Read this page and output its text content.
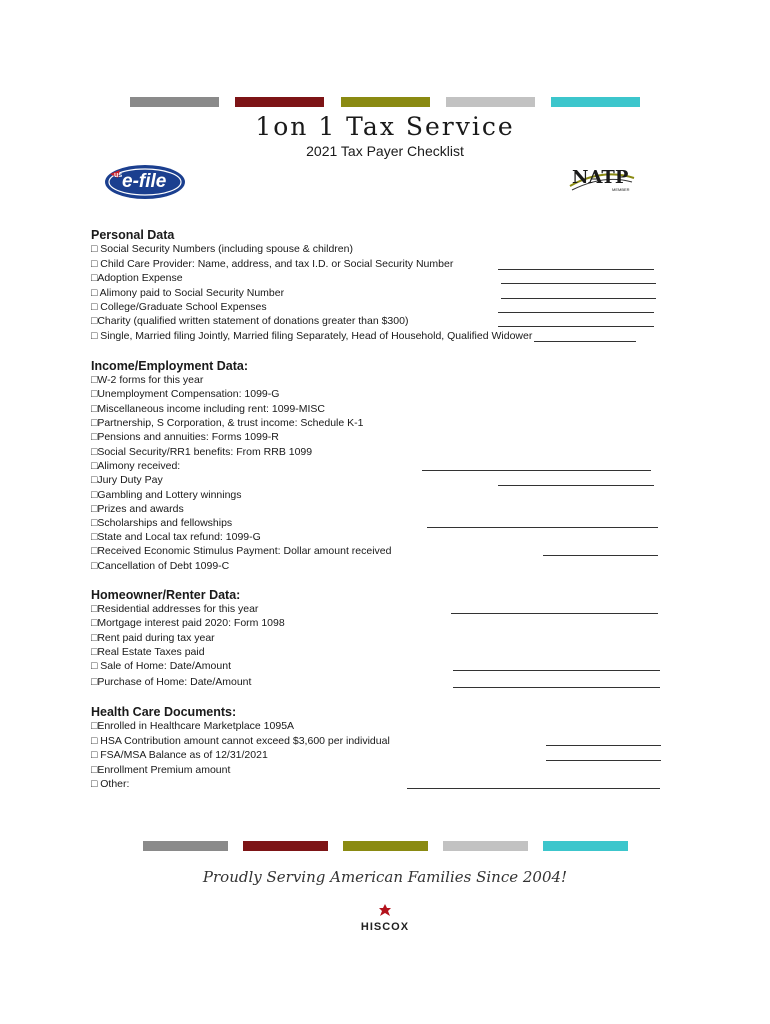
1on 1 Tax Service
2021 Tax Payer Checklist
us e-file	NATP
MEMBER
Personal Data
□ Social Security Numbers (including spouse & children)
□ Child Care Provider: Name, address, and tax I.D. or Social Security Number
□Adoption Expense
□ Alimony paid to Social Security Number
□ College/Graduate School Expenses
□Charity (qualified written statement of donations greater than $300)
□ Single, Married filing Jointly, Married filing Separately, Head of Household, Qualified Widower
Income/Employment Data:
□W-2 forms for this year
□Unemployment Compensation: 1099-G
□Miscellaneous income including rent: 1099-MISC
□Partnership, S Corporation, & trust income: Schedule K-1
□Pensions and annuities: Forms 1099-R
□Social Security/RR1 benefits: From RRB 1099
□Alimony received:
□Jury Duty Pay
□Gambling and Lottery winnings
□Prizes and awards
□Scholarships and fellowships
□State and Local tax refund: 1099-G
□Received Economic Stimulus Payment: Dollar amount received
□Cancellation of Debt 1099-C
Homeowner/Renter Data:
□Residential addresses for this year
□Mortgage interest paid 2020: Form 1098
□Rent paid during tax year
□Real Estate Taxes paid
□ Sale of Home: Date/Amount
□Purchase of Home: Date/Amount
Health Care Documents:
□Enrolled in Healthcare Marketplace 1095A
□ HSA Contribution amount cannot exceed $3,600 per individual
□ FSA/MSA Balance as of 12/31/2021
□Enrollment Premium amount
□ Other:
Proudly Serving American Families Since 2004!
HISCOX
